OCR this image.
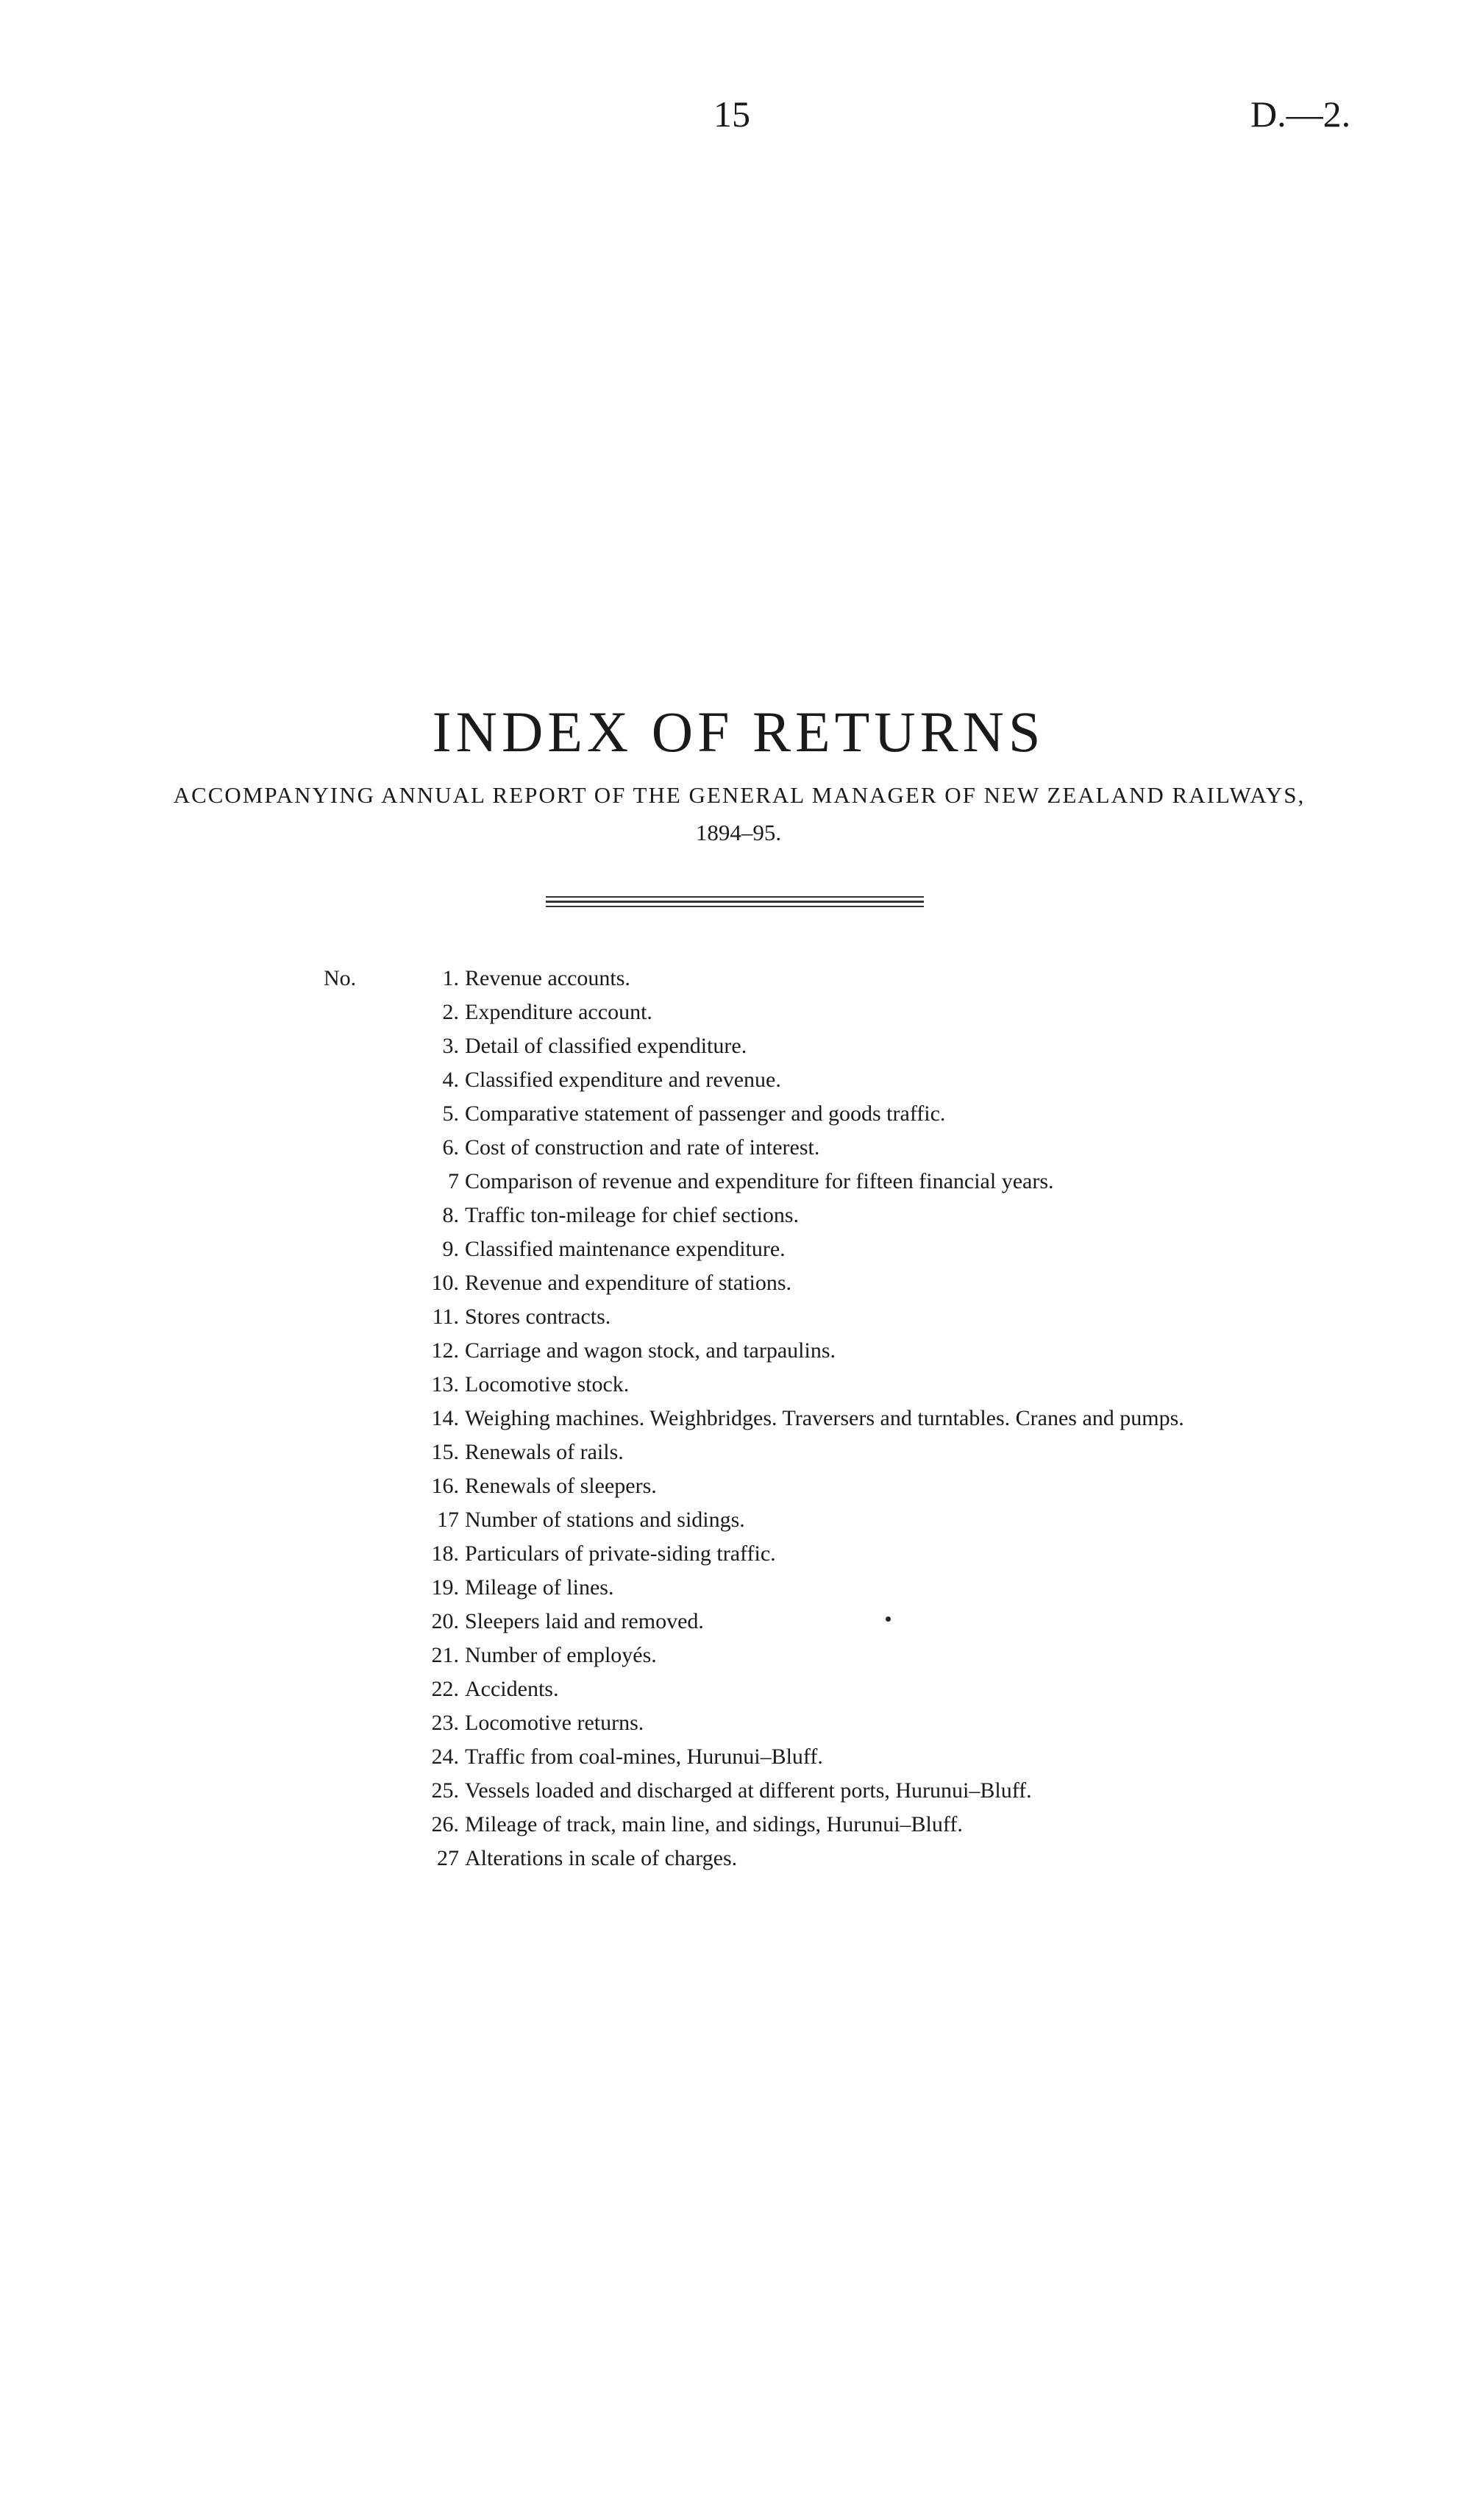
15	D.—2.
INDEX OF RETURNS
ACCOMPANYING ANNUAL REPORT OF THE GENERAL MANAGER OF NEW ZEALAND RAILWAYS,
1894–95.
No.	1. Revenue accounts.
2. Expenditure account.
3. Detail of classified expenditure.
4. Classified expenditure and revenue.
5. Comparative statement of passenger and goods traffic.
6. Cost of construction and rate of interest.
7 Comparison of revenue and expenditure for fifteen financial years.
8. Traffic ton-mileage for chief sections.
9. Classified maintenance expenditure.
10. Revenue and expenditure of stations.
11. Stores contracts.
12. Carriage and wagon stock, and tarpaulins.
13. Locomotive stock.
14. Weighing machines. Weighbridges. Traversers and turntables. Cranes and pumps.
15. Renewals of rails.
16. Renewals of sleepers.
17 Number of stations and sidings.
18. Particulars of private-siding traffic.
19. Mileage of lines.
20. Sleepers laid and removed.
21. Number of employés.
22. Accidents.
23. Locomotive returns.
24. Traffic from coal-mines, Hurunui–Bluff.
25. Vessels loaded and discharged at different ports, Hurunui–Bluff.
26. Mileage of track, main line, and sidings, Hurunui–Bluff.
27 Alterations in scale of charges.
